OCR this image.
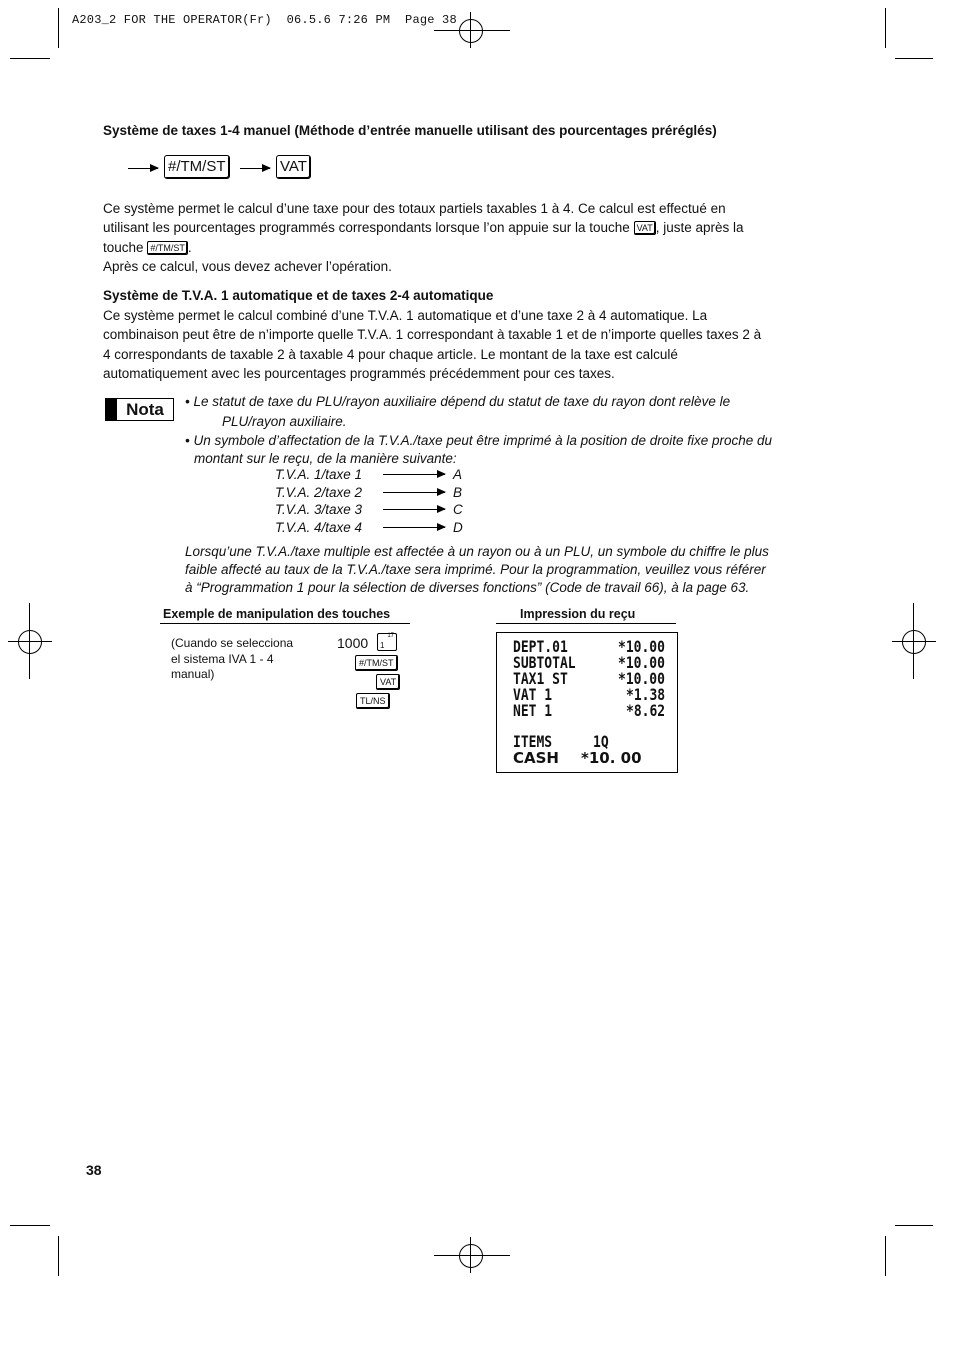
A203_2 FOR THE OPERATOR(Fr)  06.5.6 7:26 PM  Page 38
Système de taxes 1-4 manuel (Méthode d’entrée manuelle utilisant des pourcentages préréglés)
#/TM/ST	VAT
Ce système permet le calcul d’une taxe pour des totaux partiels taxables 1 à 4. Ce calcul est effectué en
utilisant les pourcentages programmés correspondants lorsque l’on appuie sur la touche VAT , juste après la
touche #/TM/ST .
Après ce calcul, vous devez achever l’opération.
Système de T.V.A. 1 automatique et de taxes 2-4 automatique
Ce système permet le calcul combiné d’une T.V.A. 1 automatique et d’une taxe 2 à 4 automatique. La
combinaison peut être de n’importe quelle T.V.A. 1 correspondant à taxable 1 et de n’importe quelles taxes 2 à
4 correspondants de taxable 2 à taxable 4 pour chaque article. Le montant de la taxe est calculé
automatiquement avec les pourcentages programmés précédemment pour ces taxes.
Nota	• Le statut de taxe du PLU/rayon auxiliaire dépend du statut de taxe du rayon dont relève le
PLU/rayon auxiliaire.
• Un symbole d’affectation de la T.V.A./taxe peut être imprimé à la position de droite fixe proche du
montant sur le reçu, de la manière suivante:
T.V.A. 1/taxe 1	A
T.V.A. 2/taxe 2	B
T.V.A. 3/taxe 3	C
T.V.A. 4/taxe 4	D
Lorsqu’une T.V.A./taxe multiple est affectée à un rayon ou à un PLU, un symbole du chiffre le plus
faible affecté au taux de la T.V.A./taxe sera imprimé. Pour la programmation, veuillez vous référer
à “Programmation 1 pour la sélection de diverses fonctions” (Code de travail 66), à la page 63.
Exemple de manipulation des touches	Impression du reçu
(Cuando se selecciona
el sistema IVA 1 - 4
manual)
1000	17
1
#/TM/ST
VAT
TL/NS
DEPT.01	*10.00
SUBTOTAL	*10.00
TAX1 ST	*10.00
VAT 1	*1.38
NET 1	*8.62
ITEMS	1Q
CASH *10. 00
38
